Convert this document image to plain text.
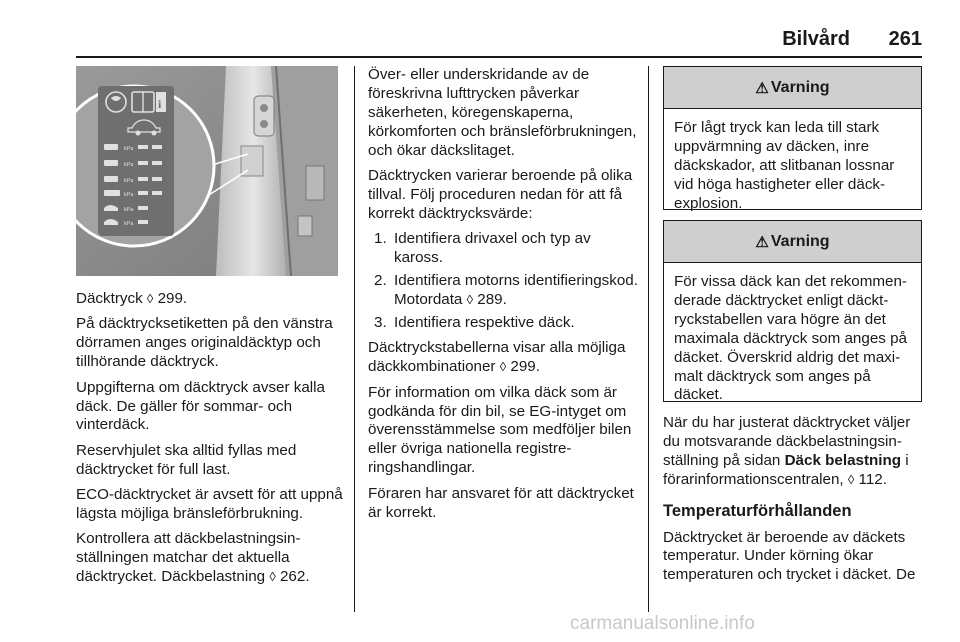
Bilvård 261
i
kPa
kPa
kPa
kPa
kPa
kPa

Däcktryck ◊ 299.

På däcktrycksetiketten på den vänstra dörramen anges originaldäcktyp och tillhörande däcktryck.

Uppgifterna om däcktryck avser kalla däck. De gäller för sommar- och vinterdäck.

Reservhjulet ska alltid fyllas med däcktrycket för full last.

ECO-däcktrycket är avsett för att uppnå lägsta möjliga bränsleförbrukning.

Kontrollera att däckbelastningsinställningen matchar det aktuella däcktrycket. Däckbelastning ◊ 262.

Över- eller underskridande av de föreskrivna lufttrycken påverkar säkerheten, köregenskaperna, körkomforten och bränsleförbrukningen, och ökar däckslitaget.

Däcktrycken varierar beroende på olika tillval. Följ proceduren nedan för att få korrekt däcktrycksvärde:

1. Identifiera drivaxel och typ av kaross.
2. Identifiera motorns identifieringskod. Motordata ◊ 289.
3. Identifiera respektive däck.

Däcktryckstabellerna visar alla möjliga däckkombinationer ◊ 299.

För information om vilka däck som är godkända för din bil, se EG-intyget om överensstämmelse som medföljer bilen eller övriga nationella registreringshandlingar.

Föraren har ansvaret för att däcktrycket är korrekt.

⚠ Varning
För lågt tryck kan leda till stark uppvärmning av däcken, inre däckskador, att slitbanan lossnar vid höga hastigheter eller däckexplosion.
⚠ Varning
För vissa däck kan det rekommenderade däcktrycket enligt däcktryckstabellen vara högre än det maximala däcktryck som anges på däcket. Överskrid aldrig det maximalt däcktryck som anges på däcket.

När du har justerat däcktrycket väljer du motsvarande däckbelastningsinställning på sidan Däck belastning i förarinformationscentralen, ◊ 112.

Temperaturförhållanden

Däcktrycket är beroende av däckets temperatur. Under körning ökar temperaturen och trycket i däcket. De

carmanualsonline.info
